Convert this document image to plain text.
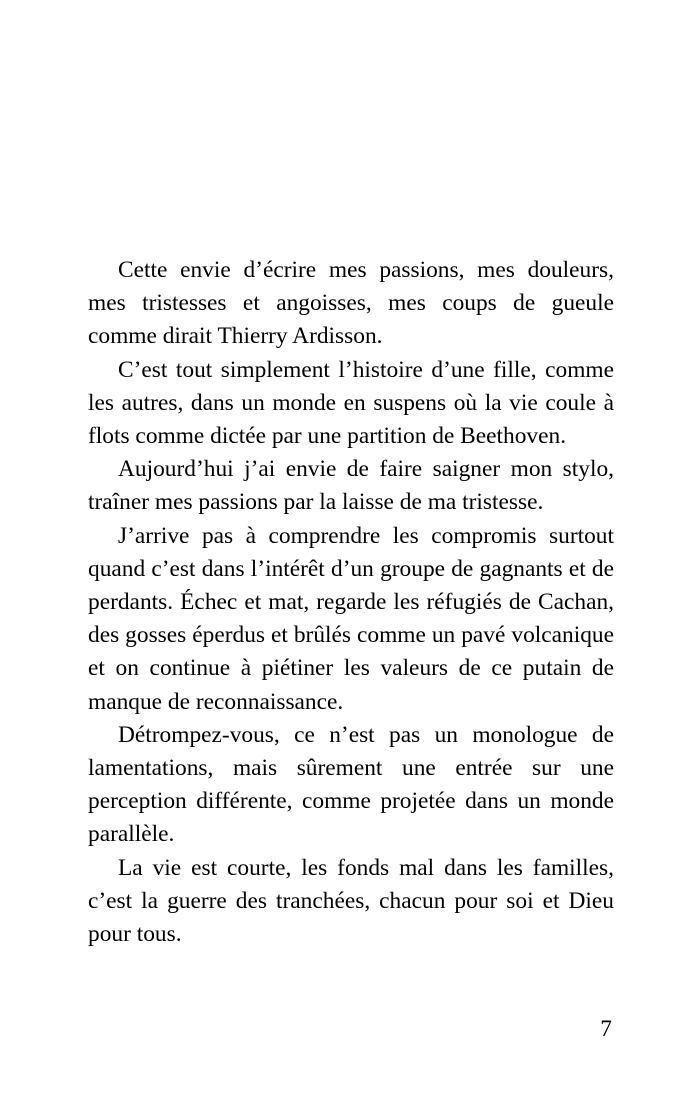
Cette envie d’écrire mes passions, mes douleurs, mes tristesses et angoisses, mes coups de gueule comme dirait Thierry Ardisson.

C’est tout simplement l’histoire d’une fille, comme les autres, dans un monde en suspens où la vie coule à flots comme dictée par une partition de Beethoven.

Aujourd’hui j’ai envie de faire saigner mon stylo, traîner mes passions par la laisse de ma tristesse.

J’arrive pas à comprendre les compromis surtout quand c’est dans l’intérêt d’un groupe de gagnants et de perdants. Échec et mat, regarde les réfugiés de Cachan, des gosses éperdus et brûlés comme un pavé volcanique et on continue à piétiner les valeurs de ce putain de manque de reconnaissance.

Détrompez-vous, ce n’est pas un monologue de lamentations, mais sûrement une entrée sur une perception différente, comme projetée dans un monde parallèle.

La vie est courte, les fonds mal dans les familles, c’est la guerre des tranchées, chacun pour soi et Dieu pour tous.

7
